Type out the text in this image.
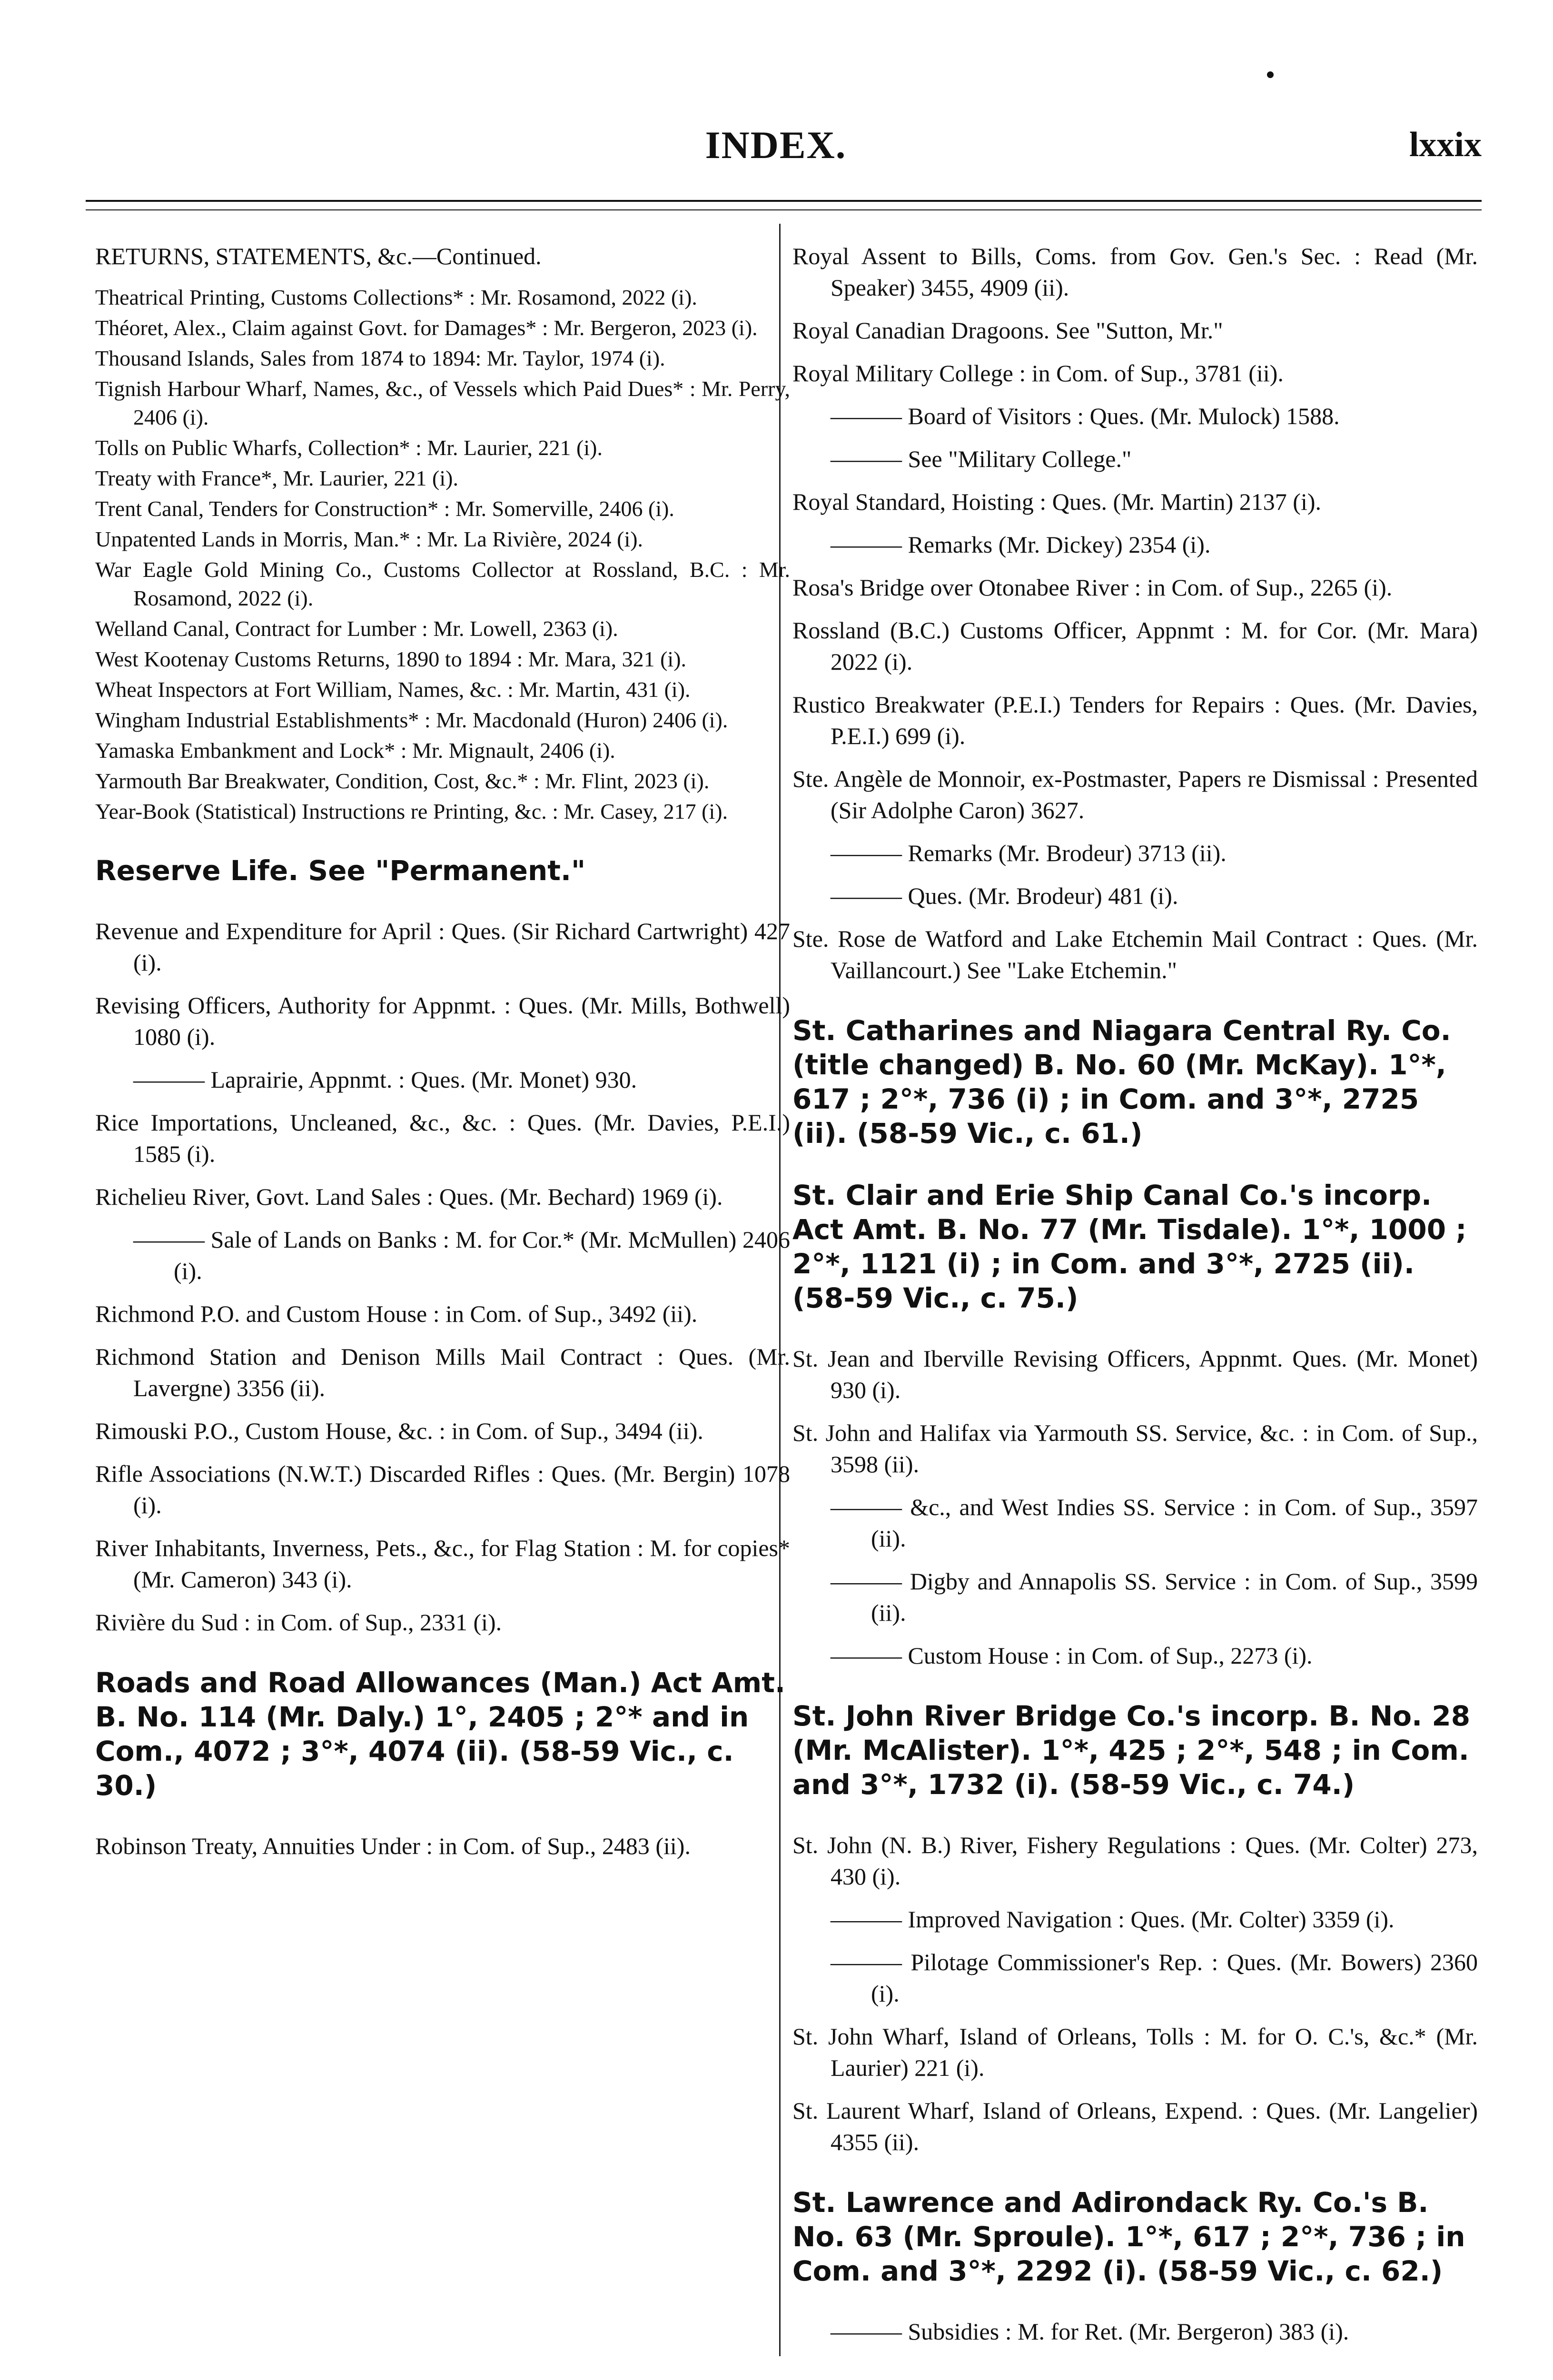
INDEX.	lxxix

RETURNS, STATEMENTS, &c.—Continued.

Theatrical Printing, Customs Collections* : Mr. Rosamond, 2022 (i).

Théoret, Alex., Claim against Govt. for Damages* : Mr. Bergeron, 2023 (i).

Thousand Islands, Sales from 1874 to 1894: Mr. Taylor, 1974 (i).

Tignish Harbour Wharf, Names, &c., of Vessels which Paid Dues* : Mr. Perry, 2406 (i).

Tolls on Public Wharfs, Collection* : Mr. Laurier, 221 (i).

Treaty with France*, Mr. Laurier, 221 (i).

Trent Canal, Tenders for Construction* : Mr. Somerville, 2406 (i).

Unpatented Lands in Morris, Man.* : Mr. La Rivière, 2024 (i).

War Eagle Gold Mining Co., Customs Collector at Rossland, B.C. : Mr. Rosamond, 2022 (i).

Welland Canal, Contract for Lumber : Mr. Lowell, 2363 (i).

West Kootenay Customs Returns, 1890 to 1894 : Mr. Mara, 321 (i).

Wheat Inspectors at Fort William, Names, &c. : Mr. Martin, 431 (i).

Wingham Industrial Establishments* : Mr. Macdonald (Huron) 2406 (i).

Yamaska Embankment and Lock* : Mr. Mignault, 2406 (i).

Yarmouth Bar Breakwater, Condition, Cost, &c.* : Mr. Flint, 2023 (i).

Year-Book (Statistical) Instructions re Printing, &c. : Mr. Casey, 217 (i).

Reserve Life. See "Permanent."

Revenue and Expenditure for April : Ques. (Sir Richard Cartwright) 427 (i).

Revising Officers, Authority for Appnmt. : Ques. (Mr. Mills, Bothwell) 1080 (i).

——— Laprairie, Appnmt. : Ques. (Mr. Monet) 930.

Rice Importations, Uncleaned, &c., &c. : Ques. (Mr. Davies, P.E.I.) 1585 (i).

Richelieu River, Govt. Land Sales : Ques. (Mr. Bechard) 1969 (i).

——— Sale of Lands on Banks : M. for Cor.* (Mr. McMullen) 2406 (i).

Richmond P.O. and Custom House : in Com. of Sup., 3492 (ii).

Richmond Station and Denison Mills Mail Contract : Ques. (Mr. Lavergne) 3356 (ii).

Rimouski P.O., Custom House, &c. : in Com. of Sup., 3494 (ii).

Rifle Associations (N.W.T.) Discarded Rifles : Ques. (Mr. Bergin) 1078 (i).

River Inhabitants, Inverness, Pets., &c., for Flag Station : M. for copies* (Mr. Cameron) 343 (i).

Rivière du Sud : in Com. of Sup., 2331 (i).

Roads and Road Allowances (Man.) Act Amt. B. No. 114 (Mr. Daly.) 1°, 2405 ; 2°* and in Com., 4072 ; 3°*, 4074 (ii). (58-59 Vic., c. 30.)

Robinson Treaty, Annuities Under : in Com. of Sup., 2483 (ii).

Royal Assent to Bills, Coms. from Gov. Gen.'s Sec. : Read (Mr. Speaker) 3455, 4909 (ii).

Royal Canadian Dragoons. See "Sutton, Mr."

Royal Military College : in Com. of Sup., 3781 (ii).

——— Board of Visitors : Ques. (Mr. Mulock) 1588.

——— See "Military College."

Royal Standard, Hoisting : Ques. (Mr. Martin) 2137 (i).

——— Remarks (Mr. Dickey) 2354 (i).

Rosa's Bridge over Otonabee River : in Com. of Sup., 2265 (i).

Rossland (B.C.) Customs Officer, Appnmt : M. for Cor. (Mr. Mara) 2022 (i).

Rustico Breakwater (P.E.I.) Tenders for Repairs : Ques. (Mr. Davies, P.E.I.) 699 (i).

Ste. Angèle de Monnoir, ex-Postmaster, Papers re Dismissal : Presented (Sir Adolphe Caron) 3627.

——— Remarks (Mr. Brodeur) 3713 (ii).

——— Ques. (Mr. Brodeur) 481 (i).

Ste. Rose de Watford and Lake Etchemin Mail Contract : Ques. (Mr. Vaillancourt.) See "Lake Etchemin."

St. Catharines and Niagara Central Ry. Co. (title changed) B. No. 60 (Mr. McKay). 1°*, 617 ; 2°*, 736 (i) ; in Com. and 3°*, 2725 (ii). (58-59 Vic., c. 61.)

St. Clair and Erie Ship Canal Co.'s incorp. Act Amt. B. No. 77 (Mr. Tisdale). 1°*, 1000 ; 2°*, 1121 (i) ; in Com. and 3°*, 2725 (ii). (58-59 Vic., c. 75.)

St. Jean and Iberville Revising Officers, Appnmt. Ques. (Mr. Monet) 930 (i).

St. John and Halifax via Yarmouth SS. Service, &c. : in Com. of Sup., 3598 (ii).

——— &c., and West Indies SS. Service : in Com. of Sup., 3597 (ii).

——— Digby and Annapolis SS. Service : in Com. of Sup., 3599 (ii).

——— Custom House : in Com. of Sup., 2273 (i).

St. John River Bridge Co.'s incorp. B. No. 28 (Mr. McAlister). 1°*, 425 ; 2°*, 548 ; in Com. and 3°*, 1732 (i). (58-59 Vic., c. 74.)

St. John (N. B.) River, Fishery Regulations : Ques. (Mr. Colter) 273, 430 (i).

——— Improved Navigation : Ques. (Mr. Colter) 3359 (i).

——— Pilotage Commissioner's Rep. : Ques. (Mr. Bowers) 2360 (i).

St. John Wharf, Island of Orleans, Tolls : M. for O. C.'s, &c.* (Mr. Laurier) 221 (i).

St. Laurent Wharf, Island of Orleans, Expend. : Ques. (Mr. Langelier) 4355 (ii).

St. Lawrence and Adirondack Ry. Co.'s B. No. 63 (Mr. Sproule). 1°*, 617 ; 2°*, 736 ; in Com. and 3°*, 2292 (i). (58-59 Vic., c. 62.)

——— Subsidies : M. for Ret. (Mr. Bergeron) 383 (i).
